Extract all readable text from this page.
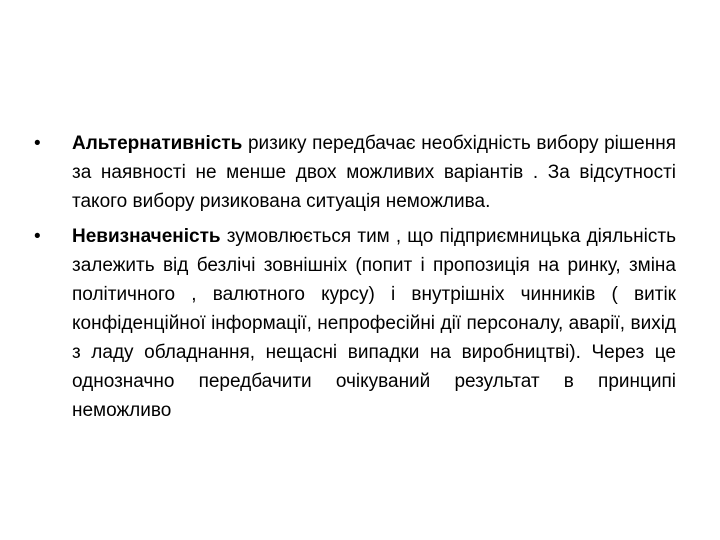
•	Альтернативність ризику передбачає необхідність вибору рішення за наявності не менше двох можливих варіантів . За відсутності такого вибору ризикована ситуація неможлива.
•	Невизначеність зумовлюється тим , що підприємницька діяльність залежить від безлічі зовнішніх (попит і пропозиція на ринку, зміна політичного , валютного курсу) і внутрішніх чинників ( витік конфіденційної інформації, непрофесійні дії персоналу, аварії, вихід з ладу обладнання, нещасні випадки на виробництві). Через це однозначно передбачити очікуваний результат в принципі неможливо
